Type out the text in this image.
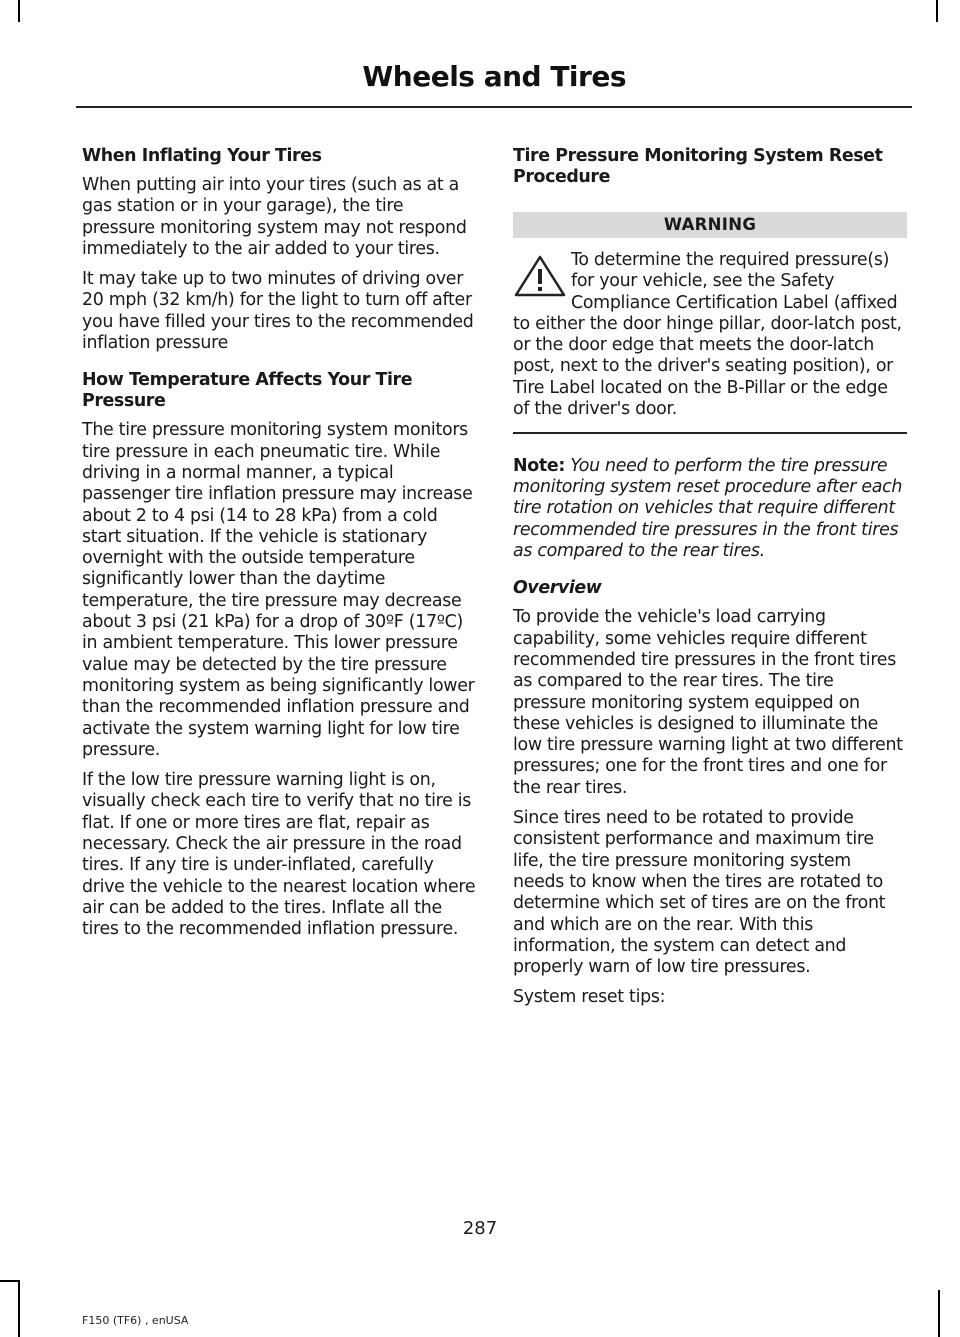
Wheels and Tires
When Inflating Your Tires

When putting air into your tires (such as at a gas station or in your garage), the tire pressure monitoring system may not respond immediately to the air added to your tires.

It may take up to two minutes of driving over 20 mph (32 km/h) for the light to turn off after you have filled your tires to the recommended inflation pressure

How Temperature Affects Your Tire Pressure

The tire pressure monitoring system monitors tire pressure in each pneumatic tire. While driving in a normal manner, a typical passenger tire inflation pressure may increase about 2 to 4 psi (14 to 28 kPa) from a cold start situation. If the vehicle is stationary overnight with the outside temperature significantly lower than the daytime temperature, the tire pressure may decrease about 3 psi (21 kPa) for a drop of 30ºF (17ºC) in ambient temperature. This lower pressure value may be detected by the tire pressure monitoring system as being significantly lower than the recommended inflation pressure and activate the system warning light for low tire pressure.

If the low tire pressure warning light is on, visually check each tire to verify that no tire is flat. If one or more tires are flat, repair as necessary. Check the air pressure in the road tires. If any tire is under-inflated, carefully drive the vehicle to the nearest location where air can be added to the tires. Inflate all the tires to the recommended inflation pressure.

Tire Pressure Monitoring System Reset Procedure
WARNING

To determine the required pressure(s) for your vehicle, see the Safety Compliance Certification Label (affixed to either the door hinge pillar, door-latch post, or the door edge that meets the door-latch post, next to the driver's seating position), or Tire Label located on the B-Pillar or the edge of the driver's door.

Note: You need to perform the tire pressure monitoring system reset procedure after each tire rotation on vehicles that require different recommended tire pressures in the front tires as compared to the rear tires.

Overview

To provide the vehicle's load carrying capability, some vehicles require different recommended tire pressures in the front tires as compared to the rear tires. The tire pressure monitoring system equipped on these vehicles is designed to illuminate the low tire pressure warning light at two different pressures; one for the front tires and one for the rear tires.

Since tires need to be rotated to provide consistent performance and maximum tire life, the tire pressure monitoring system needs to know when the tires are rotated to determine which set of tires are on the front and which are on the rear. With this information, the system can detect and properly warn of low tire pressures.

System reset tips:

287
F150 (TF6) , enUSA
